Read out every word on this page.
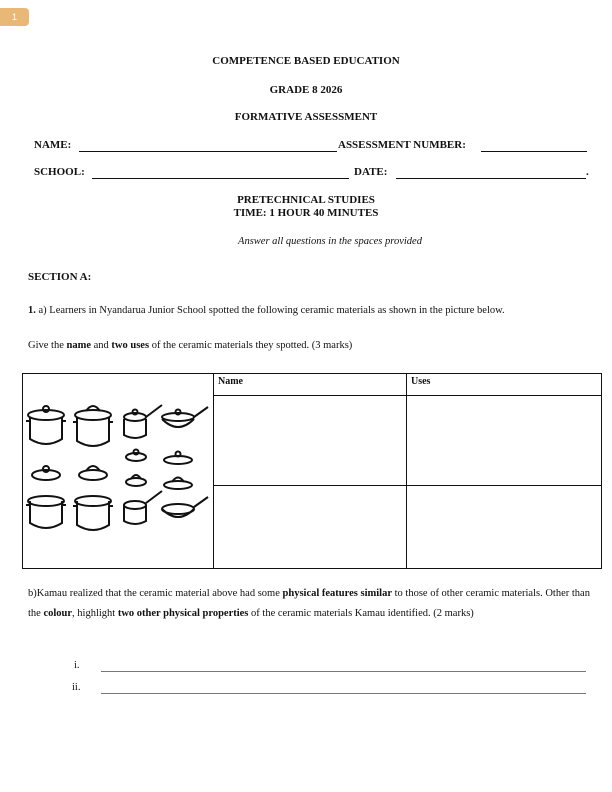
1
COMPETENCE BASED EDUCATION
GRADE 8 2026
FORMATIVE ASSESSMENT
NAME:	ASSESSMENT NUMBER:
SCHOOL:	DATE:	.
PRETECHNICAL STUDIES
TIME: 1 HOUR 40 MINUTES
Answer all questions in the spaces provided
SECTION A:
1. a) Learners in Nyandarua Junior School spotted the following ceramic materials as shown in the picture below.
Give the name and two uses of the ceramic materials they spotted. (3 marks)
	Name	Uses

b)Kamau realized that the ceramic material above had some physical features similar to those of other ceramic materials. Other than the colour, highlight two other physical properties of the ceramic materials Kamau identified. (2 marks)
i.
ii.
